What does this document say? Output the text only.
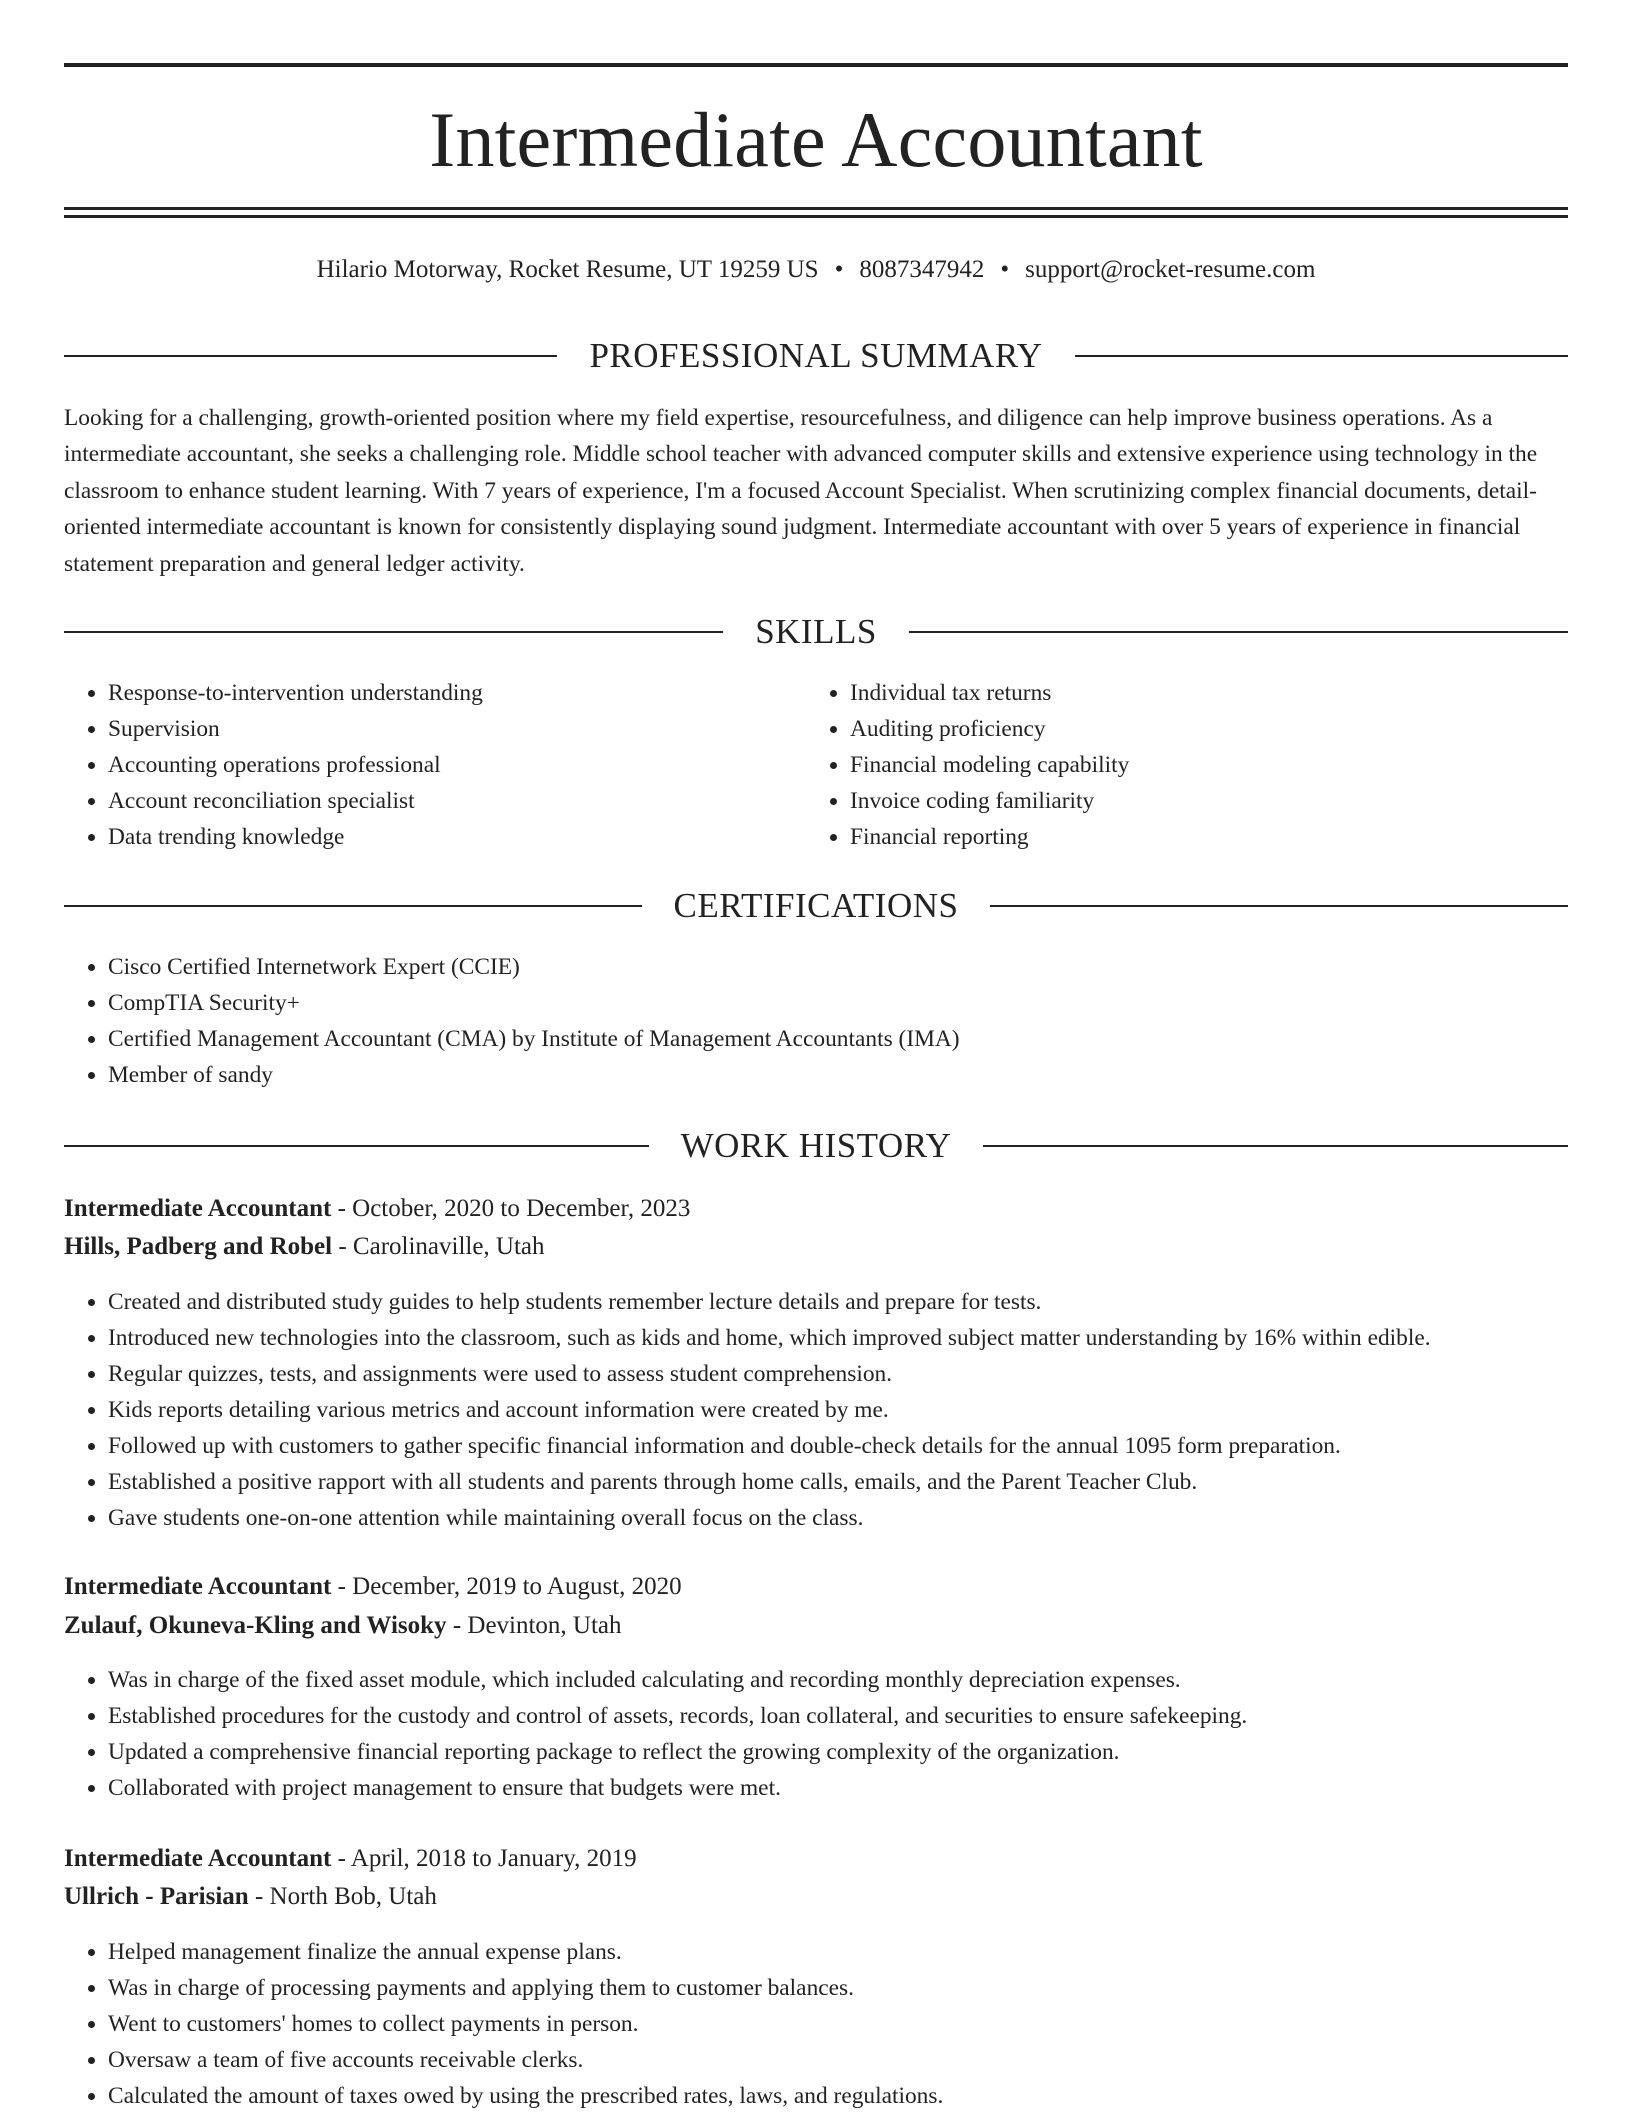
Intermediate Accountant
Hilario Motorway, Rocket Resume, UT 19259 US • 8087347942 • support@rocket-resume.com
PROFESSIONAL SUMMARY
Looking for a challenging, growth-oriented position where my field expertise, resourcefulness, and diligence can help improve business operations. As a intermediate accountant, she seeks a challenging role. Middle school teacher with advanced computer skills and extensive experience using technology in the classroom to enhance student learning. With 7 years of experience, I'm a focused Account Specialist. When scrutinizing complex financial documents, detail-oriented intermediate accountant is known for consistently displaying sound judgment. Intermediate accountant with over 5 years of experience in financial statement preparation and general ledger activity.
SKILLS
• Response-to-intervention understanding
• Supervision
• Accounting operations professional
• Account reconciliation specialist
• Data trending knowledge
• Individual tax returns
• Auditing proficiency
• Financial modeling capability
• Invoice coding familiarity
• Financial reporting
CERTIFICATIONS
• Cisco Certified Internetwork Expert (CCIE)
• CompTIA Security+
• Certified Management Accountant (CMA) by Institute of Management Accountants (IMA)
• Member of sandy
WORK HISTORY
Intermediate Accountant - October, 2020 to December, 2023
Hills, Padberg and Robel - Carolinaville, Utah
• Created and distributed study guides to help students remember lecture details and prepare for tests.
• Introduced new technologies into the classroom, such as kids and home, which improved subject matter understanding by 16% within edible.
• Regular quizzes, tests, and assignments were used to assess student comprehension.
• Kids reports detailing various metrics and account information were created by me.
• Followed up with customers to gather specific financial information and double-check details for the annual 1095 form preparation.
• Established a positive rapport with all students and parents through home calls, emails, and the Parent Teacher Club.
• Gave students one-on-one attention while maintaining overall focus on the class.
Intermediate Accountant - December, 2019 to August, 2020
Zulauf, Okuneva-Kling and Wisoky - Devinton, Utah
• Was in charge of the fixed asset module, which included calculating and recording monthly depreciation expenses.
• Established procedures for the custody and control of assets, records, loan collateral, and securities to ensure safekeeping.
• Updated a comprehensive financial reporting package to reflect the growing complexity of the organization.
• Collaborated with project management to ensure that budgets were met.
Intermediate Accountant - April, 2018 to January, 2019
Ullrich - Parisian - North Bob, Utah
• Helped management finalize the annual expense plans.
• Was in charge of processing payments and applying them to customer balances.
• Went to customers' homes to collect payments in person.
• Oversaw a team of five accounts receivable clerks.
• Calculated the amount of taxes owed by using the prescribed rates, laws, and regulations.
